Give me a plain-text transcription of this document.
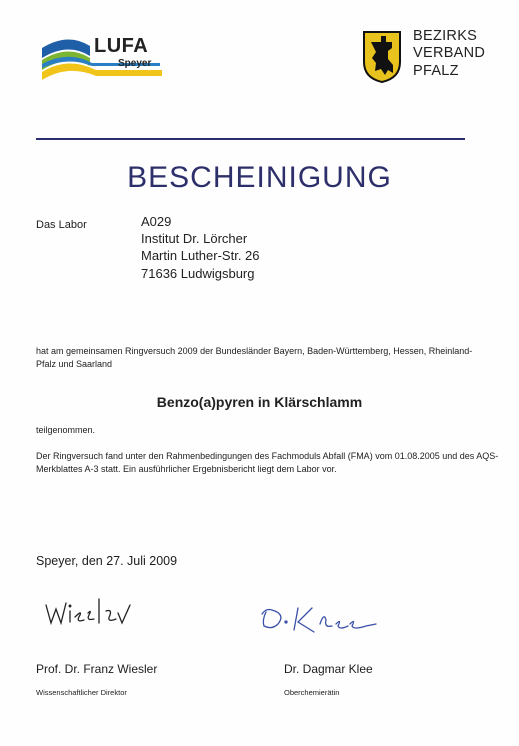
LUFA
Speyer
BEZIRKS
VERBAND
PFALZ
BESCHEINIGUNG
Das Labor	A029
Institut Dr. Lörcher
Martin Luther-Str. 26
71636 Ludwigsburg
hat am gemeinsamen Ringversuch 2009 der Bundesländer Bayern, Baden-Württemberg, Hessen, Rheinland-Pfalz und Saarland
Benzo(a)pyren in Klärschlamm
teilgenommen.
Der Ringversuch fand unter den Rahmenbedingungen des Fachmoduls Abfall (FMA) vom 01.08.2005 und des AQS-Merkblattes A-3 statt. Ein ausführlicher Ergebnisbericht liegt dem Labor vor.
Speyer, den 27. Juli 2009
Prof. Dr. Franz Wiesler
Wissenschaftlicher Direktor
Dr. Dagmar Klee
Oberchemierätin
